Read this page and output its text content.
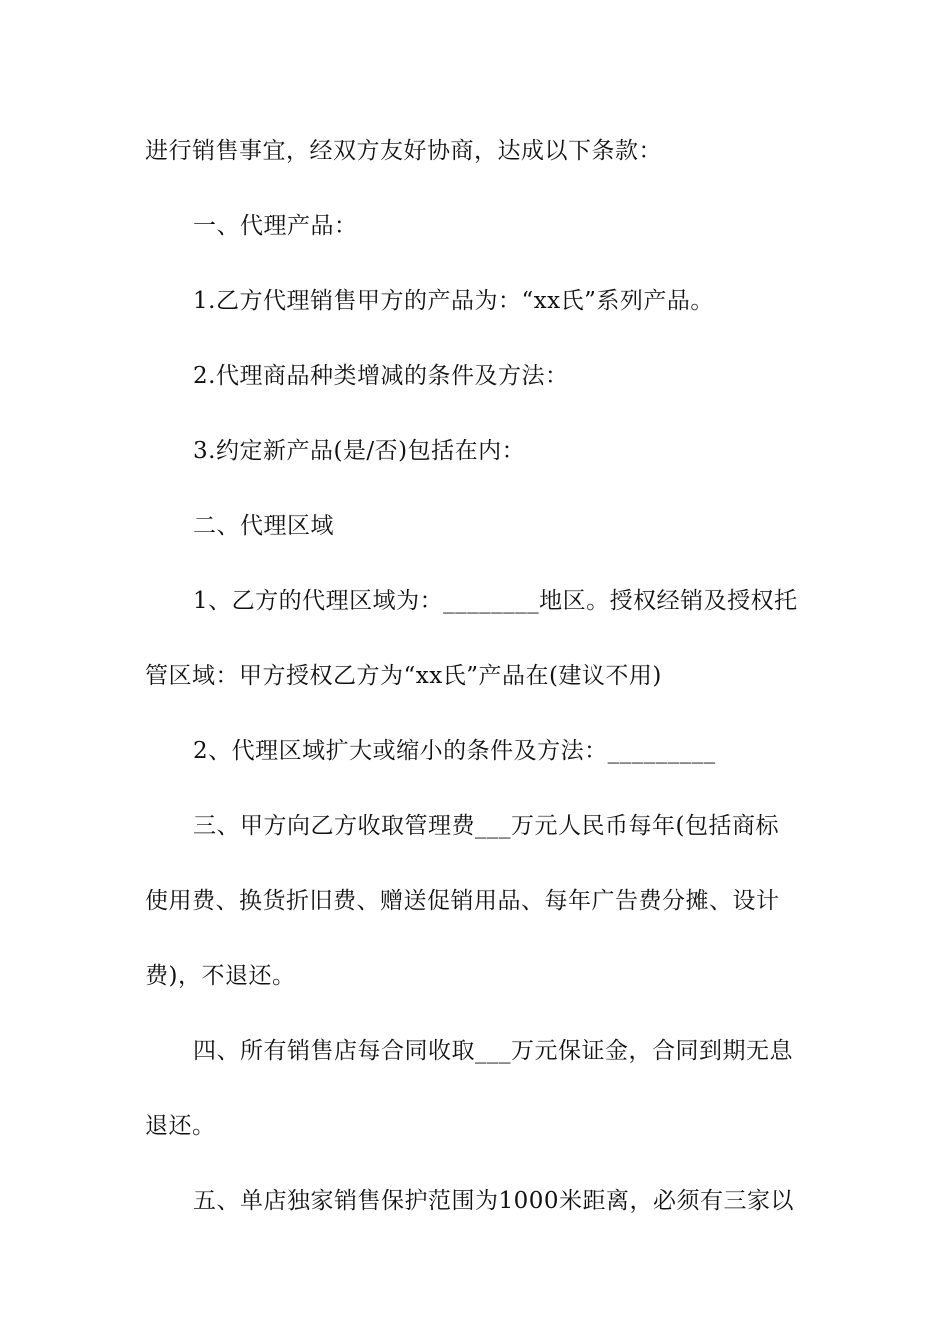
进行销售事宜，经双方友好协商，达成以下条款：
一、代理产品：
1.乙方代理销售甲方的产品为：“xx氏”系列产品。
2.代理商品种类增减的条件及方法：
3.约定新产品(是/否)包括在内：
二、代理区域
1、乙方的代理区域为：________地区。授权经销及授权托
管区域：甲方授权乙方为“xx氏”产品在(建议不用)
2、代理区域扩大或缩小的条件及方法：_________
三、甲方向乙方收取管理费___万元人民币每年(包括商标
使用费、换货折旧费、赠送促销用品、每年广告费分摊、设计
费)，不退还。
四、所有销售店每合同收取___万元保证金，合同到期无息
退还。
五、单店独家销售保护范围为1000米距离，必须有三家以
